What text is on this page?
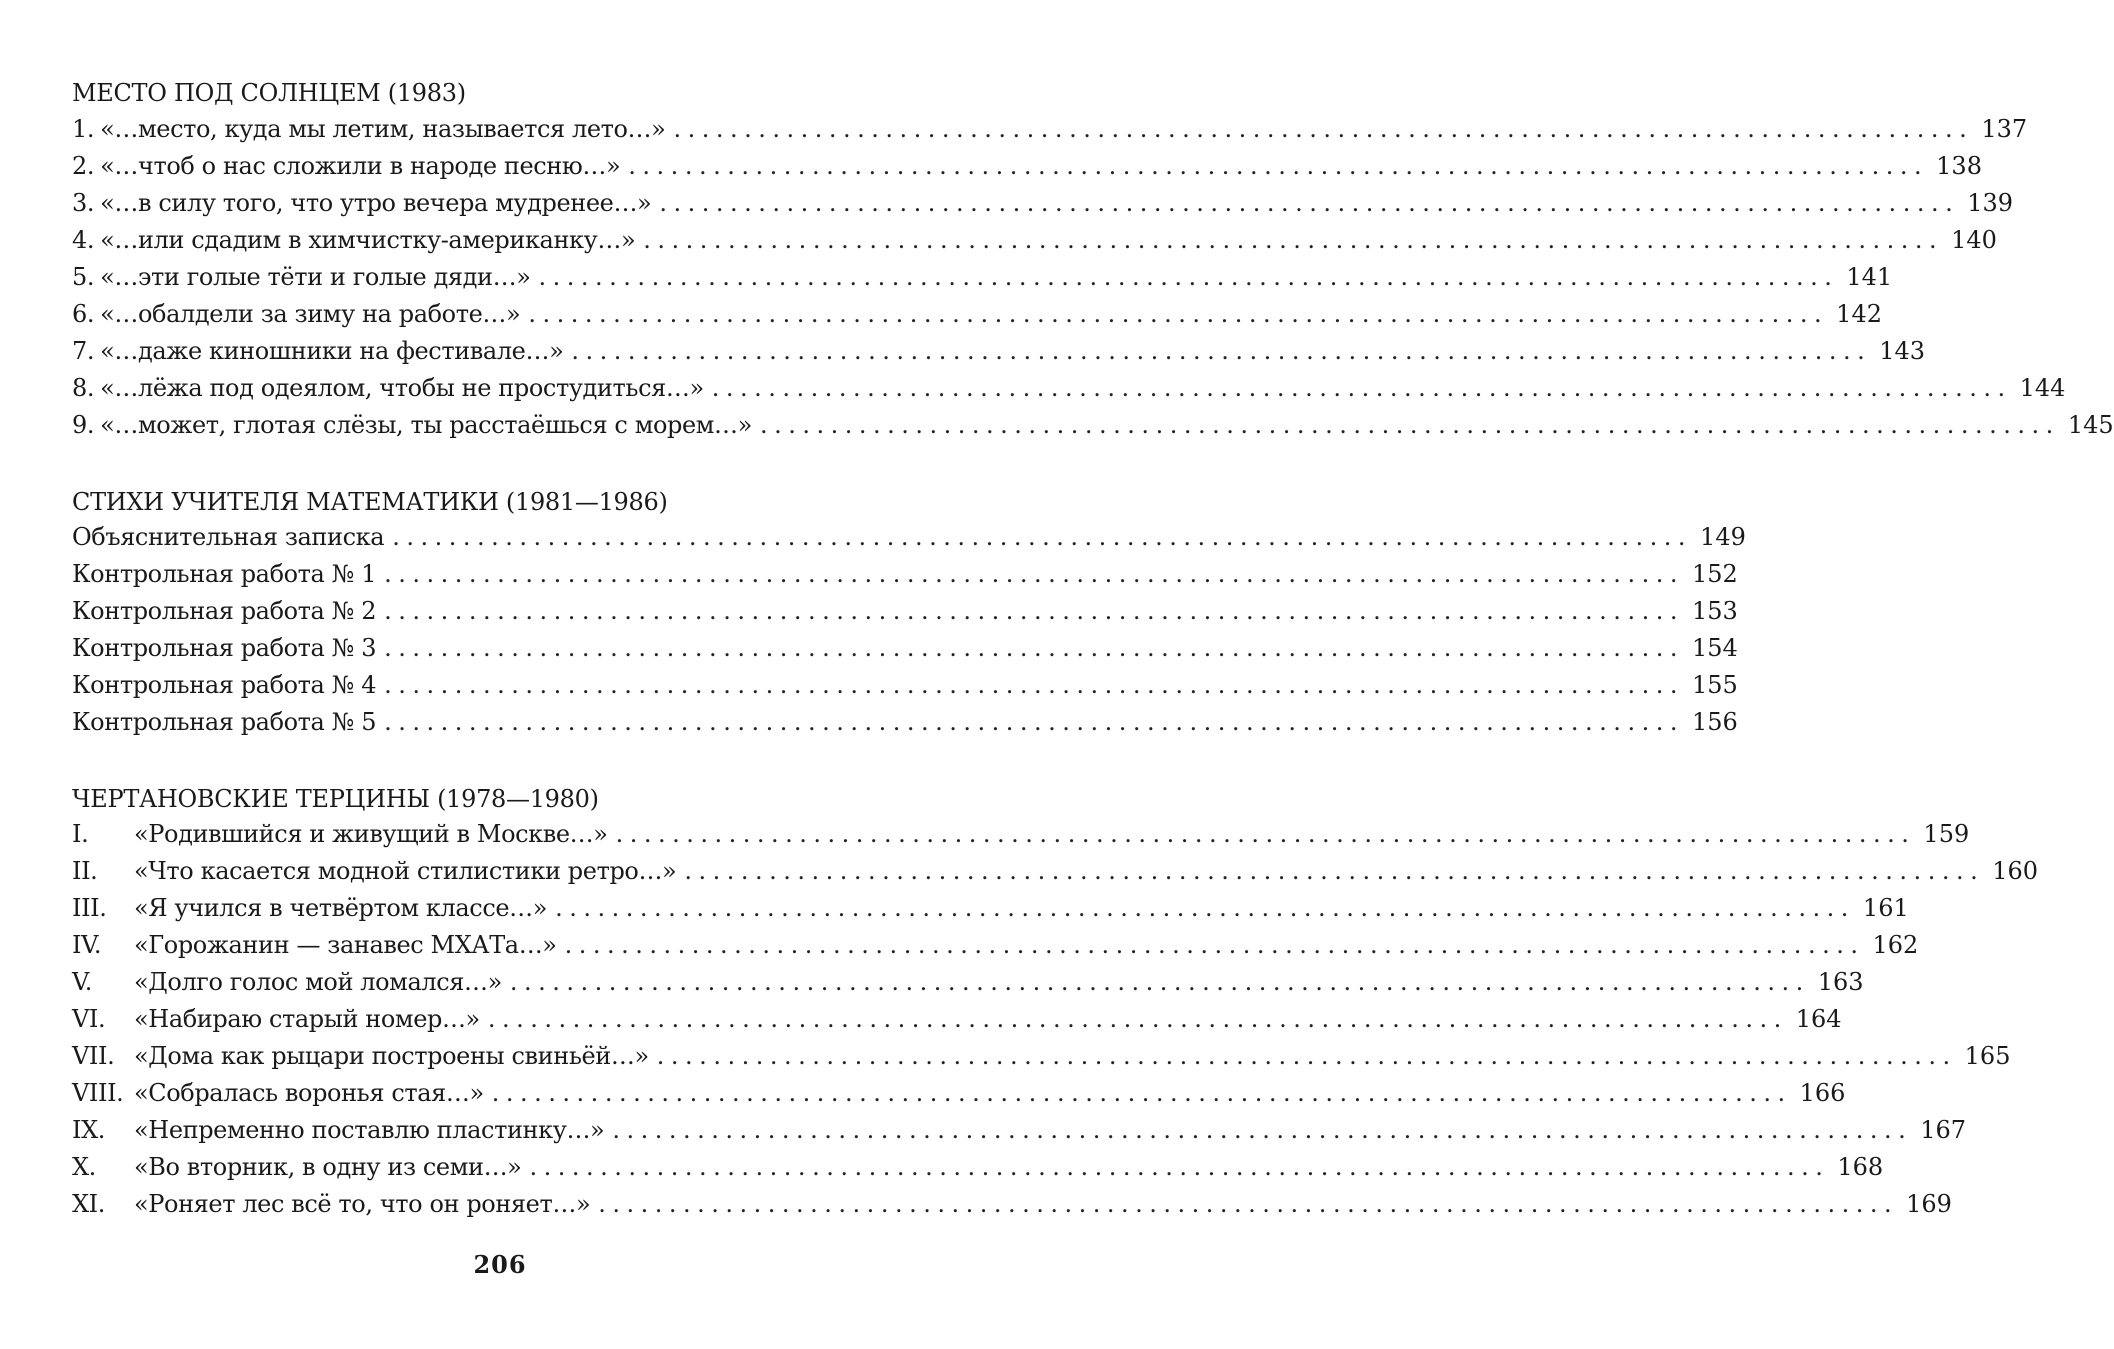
МЕСТО ПОД СОЛНЦЕМ (1983)
1. «…место, куда мы летим, называется лето…» ............................................................................................ 137
2. «…чтоб о нас сложили в народе песню…» ............................................................................................ 138
3. «…в силу того, что утро вечера мудренее…» ............................................................................................ 139
4. «…или сдадим в химчистку-американку…» ............................................................................................ 140
5. «…эти голые тёти и голые дяди…» ............................................................................................ 141
6. «…обалдели за зиму на работе…» ............................................................................................ 142
7. «…даже киношники на фестивале…» ............................................................................................ 143
8. «…лёжа под одеялом, чтобы не простудиться…» ............................................................................................ 144
9. «…может, глотая слёзы, ты расстаёшься с морем…» ............................................................................................ 145
СТИХИ УЧИТЕЛЯ МАТЕМАТИКИ (1981—1986)
Объяснительная записка ............................................................................................ 149
Контрольная работа № 1 ............................................................................................ 152
Контрольная работа № 2 ............................................................................................ 153
Контрольная работа № 3 ............................................................................................ 154
Контрольная работа № 4 ............................................................................................ 155
Контрольная работа № 5 ............................................................................................ 156
ЧЕРТАНОВСКИЕ ТЕРЦИНЫ (1978—1980)
I.	«Родившийся и живущий в Москве…» ............................................................................................ 159
II.	«Что касается модной стилистики ретро…» ............................................................................................ 160
III.	«Я учился в четвёртом классе…» ............................................................................................ 161
IV.	«Горожанин — занавес МХАТа…» ............................................................................................ 162
V.	«Долго голос мой ломался…» ............................................................................................ 163
VI.	«Набираю старый номер…» ............................................................................................ 164
VII. «Дома как рыцари построены свиньёй…» ............................................................................................ 165
VIII. «Собралась воронья стая…» ............................................................................................ 166
IX.	«Непременно поставлю пластинку…» ............................................................................................ 167
X.	«Во вторник, в одну из семи…» ............................................................................................ 168
XI.	«Роняет лес всё то, что он роняет…» ............................................................................................ 169
206
